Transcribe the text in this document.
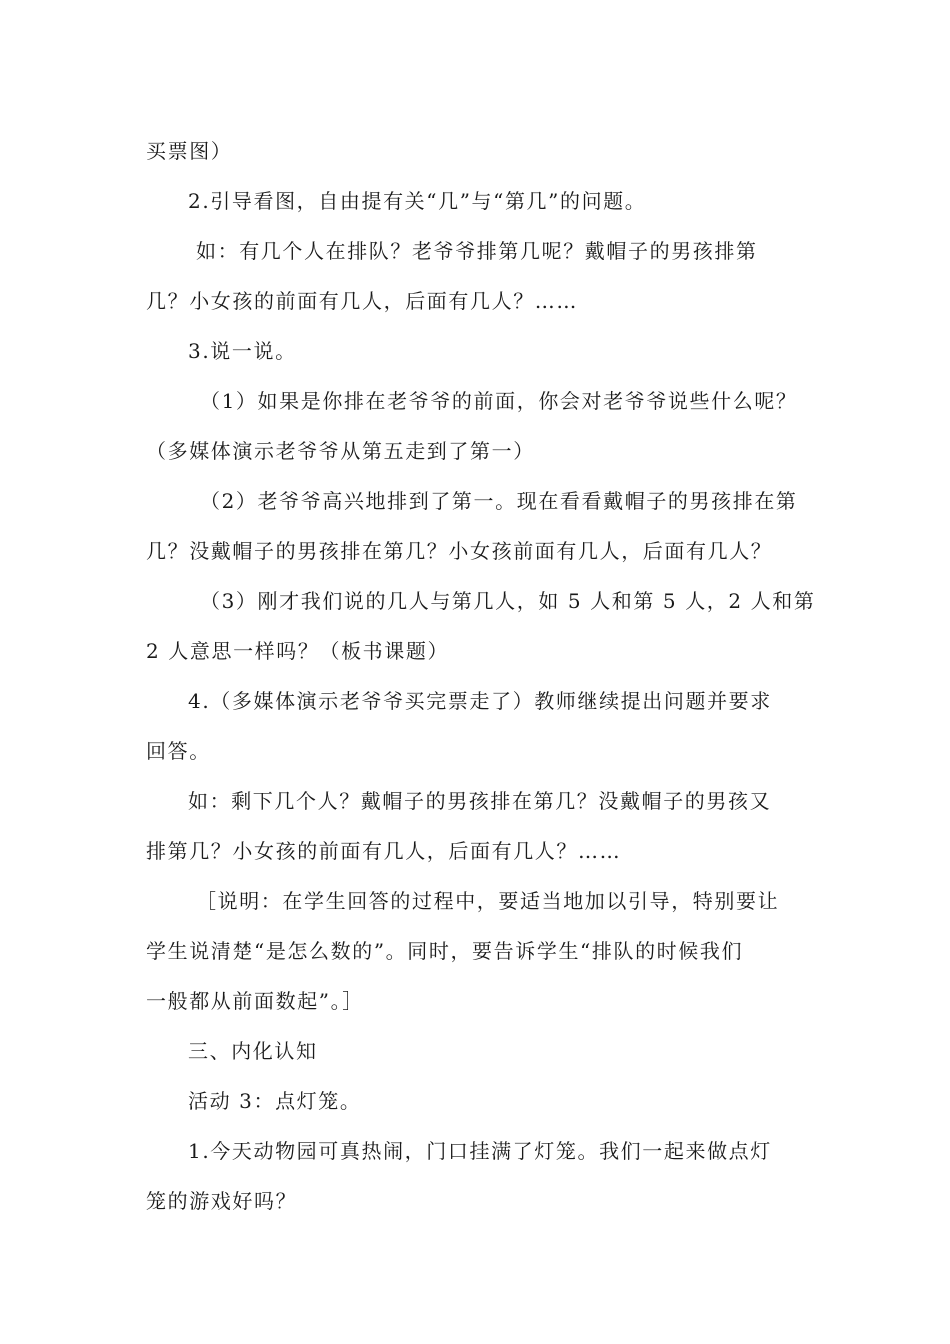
买票图）
2.引导看图，自由提有关“几”与“第几”的问题。
如：有几个人在排队？老爷爷排第几呢？戴帽子的男孩排第
几？小女孩的前面有几人，后面有几人？……
3.说一说。
（1）如果是你排在老爷爷的前面，你会对老爷爷说些什么呢？
（多媒体演示老爷爷从第五走到了第一）
（2）老爷爷高兴地排到了第一。现在看看戴帽子的男孩排在第
几？没戴帽子的男孩排在第几？小女孩前面有几人，后面有几人？
（3）刚才我们说的几人与第几人，如 5 人和第 5 人，2 人和第
2 人意思一样吗？（板书课题）
4.（多媒体演示老爷爷买完票走了）教师继续提出问题并要求
回答。
如：剩下几个人？戴帽子的男孩排在第几？没戴帽子的男孩又
排第几？小女孩的前面有几人，后面有几人？……
［说明：在学生回答的过程中，要适当地加以引导，特别要让
学生说清楚“是怎么数的”。同时，要告诉学生“排队的时候我们
一般都从前面数起”。］
三、内化认知
活动 3：点灯笼。
1.今天动物园可真热闹，门口挂满了灯笼。我们一起来做点灯
笼的游戏好吗？
